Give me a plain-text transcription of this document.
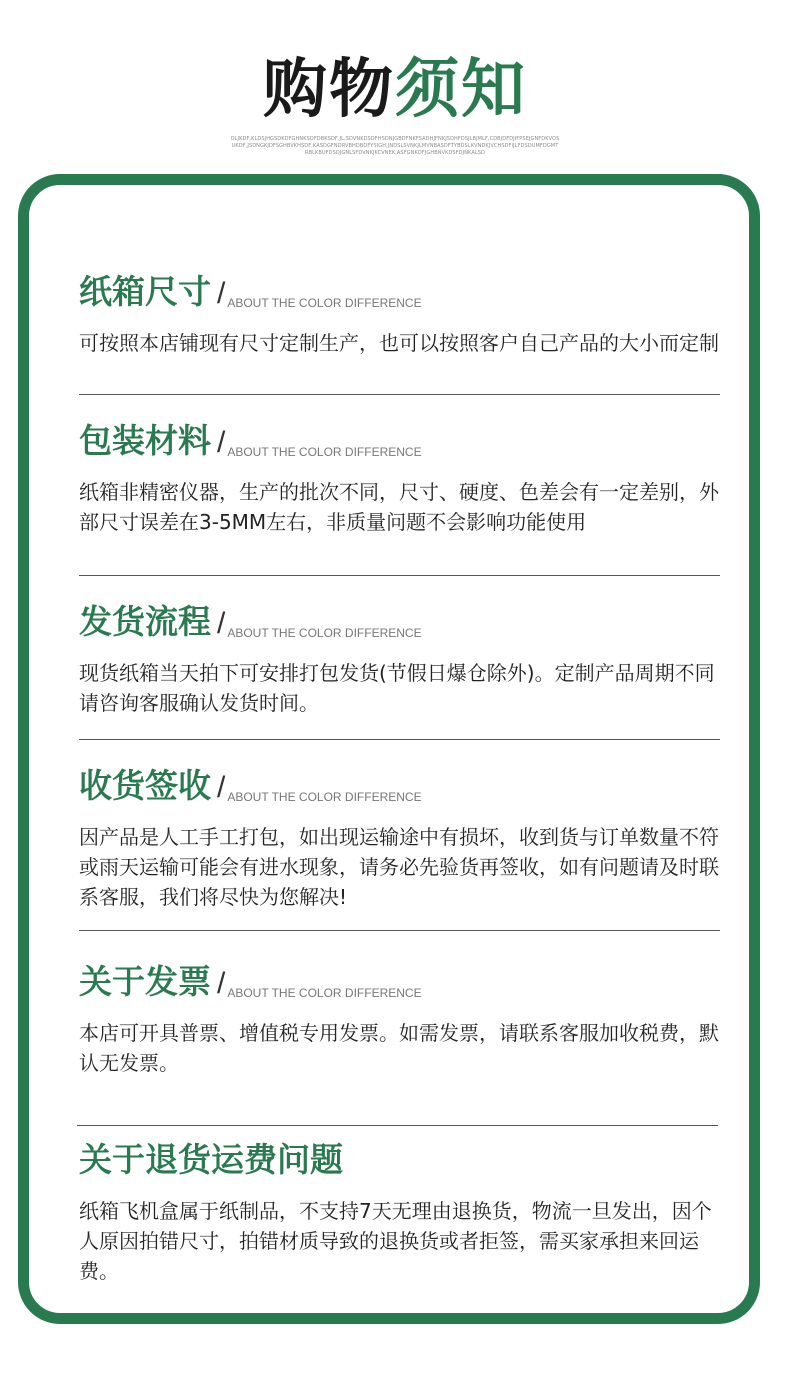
购物须知
OLJKDF,KLDSJHGSDKDFGHNKSDFDBKSDF,JL,SDVNKDSDFHSDNJGBDFNKFSADHJFNKJSDHFDSJLBJMLF,CDBJDFDJIFPSEJGNFDKVOSUKDF,JSDNGKJDFSGHBVKHSDF,KASDGFNDRVBHDBDFYSIGH,JNDSLSVNKJLMVNBASDFTYBDSLKVNDKJVCHSDFIJLFDSDUMFDGMTRBLKBUFDSDJGNLSFDVNKJKCVNEK,ASFGNKDFJGHBNVKDSFDJNKALSD
纸箱尺寸 / ABOUT THE COLOR DIFFERENCE
可按照本店铺现有尺寸定制生产，也可以按照客户自己产品的大小而定制
包装材料 / ABOUT THE COLOR DIFFERENCE
纸箱非精密仪器，生产的批次不同，尺寸、硬度、色差会有一定差别，外部尺寸误差在3-5MM左右，非质量问题不会影响功能使用
发货流程 / ABOUT THE COLOR DIFFERENCE
现货纸箱当天拍下可安排打包发货(节假日爆仓除外)。定制产品周期不同请咨询客服确认发货时间。
收货签收 / ABOUT THE COLOR DIFFERENCE
因产品是人工手工打包，如出现运输途中有损坏，收到货与订单数量不符或雨天运输可能会有进水现象，请务必先验货再签收，如有问题请及时联系客服，我们将尽快为您解决!
关于发票 / ABOUT THE COLOR DIFFERENCE
本店可开具普票、增值税专用发票。如需发票，请联系客服加收税费，默认无发票。
关于退货运费问题
纸箱飞机盒属于纸制品，不支持7天无理由退换货，物流一旦发出，因个人原因拍错尺寸，拍错材质导致的退换货或者拒签，需买家承担来回运费。
